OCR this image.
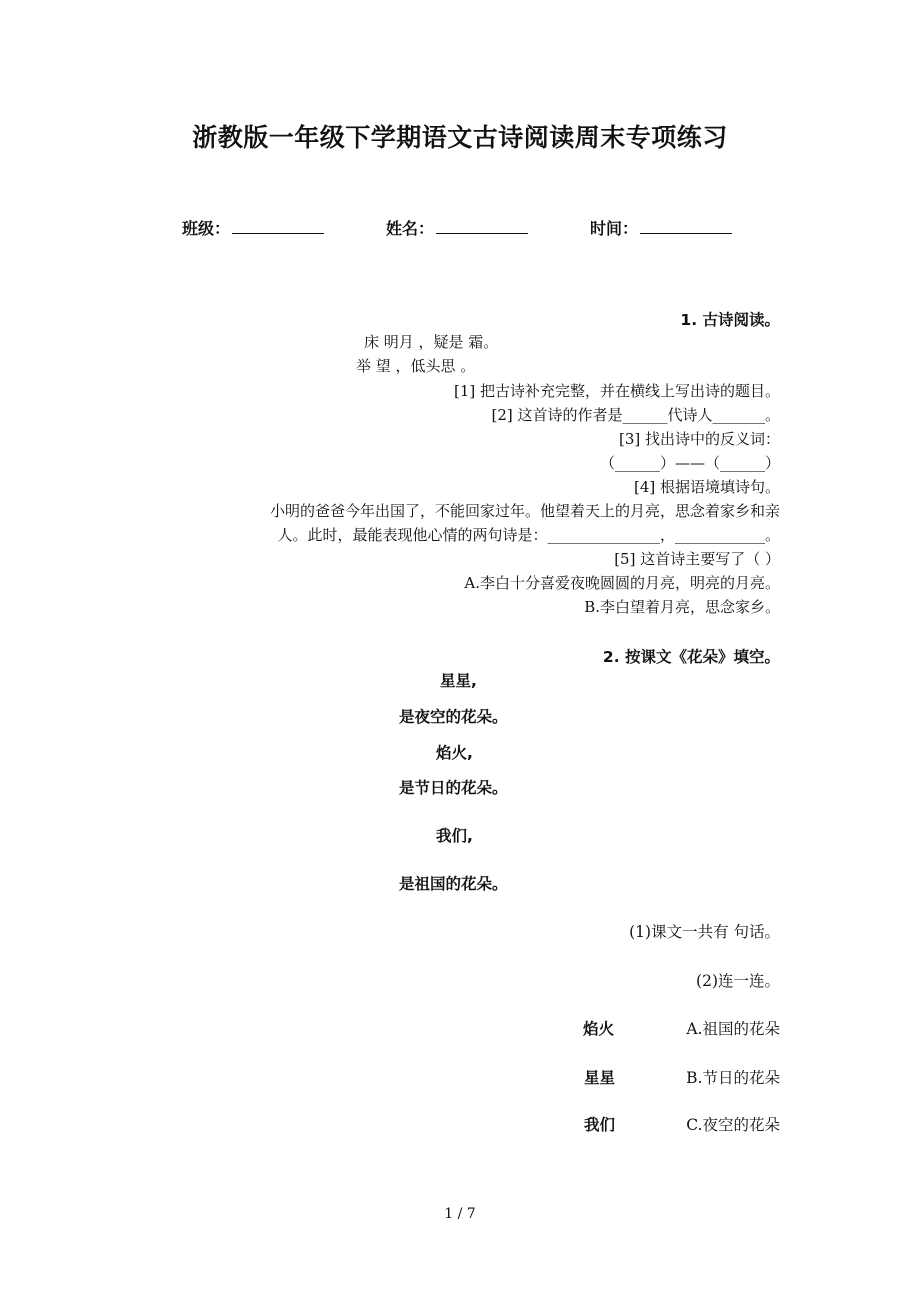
浙教版一年级下学期语文古诗阅读周末专项练习
班级：	姓名：	时间：
1. 古诗阅读。
床 明月 ，疑是 霜。
举 望 ，低头思 。
[1] 把古诗补充完整，并在横线上写出诗的题目。
[2] 这首诗的作者是______代诗人_______。
[3] 找出诗中的反义词：
（______）——（______）
[4] 根据语境填诗句。
小明的爸爸今年出国了，不能回家过年。他望着天上的月亮，思念着家乡和亲
人。此时，最能表现他心情的两句诗是：_______________，____________。
[5] 这首诗主要写了（ ）
A.李白十分喜爱夜晚圆圆的月亮，明亮的月亮。
B.李白望着月亮，思念家乡。
2. 按课文《花朵》填空。
星星,
是夜空的花朵。
焰火,
是节日的花朵。
我们,
是祖国的花朵。
(1)课文一共有 句话。
(2)连一连。
焰火	A.祖国的花朵
星星	B.节日的花朵
我们	C.夜空的花朵
1 / 7
